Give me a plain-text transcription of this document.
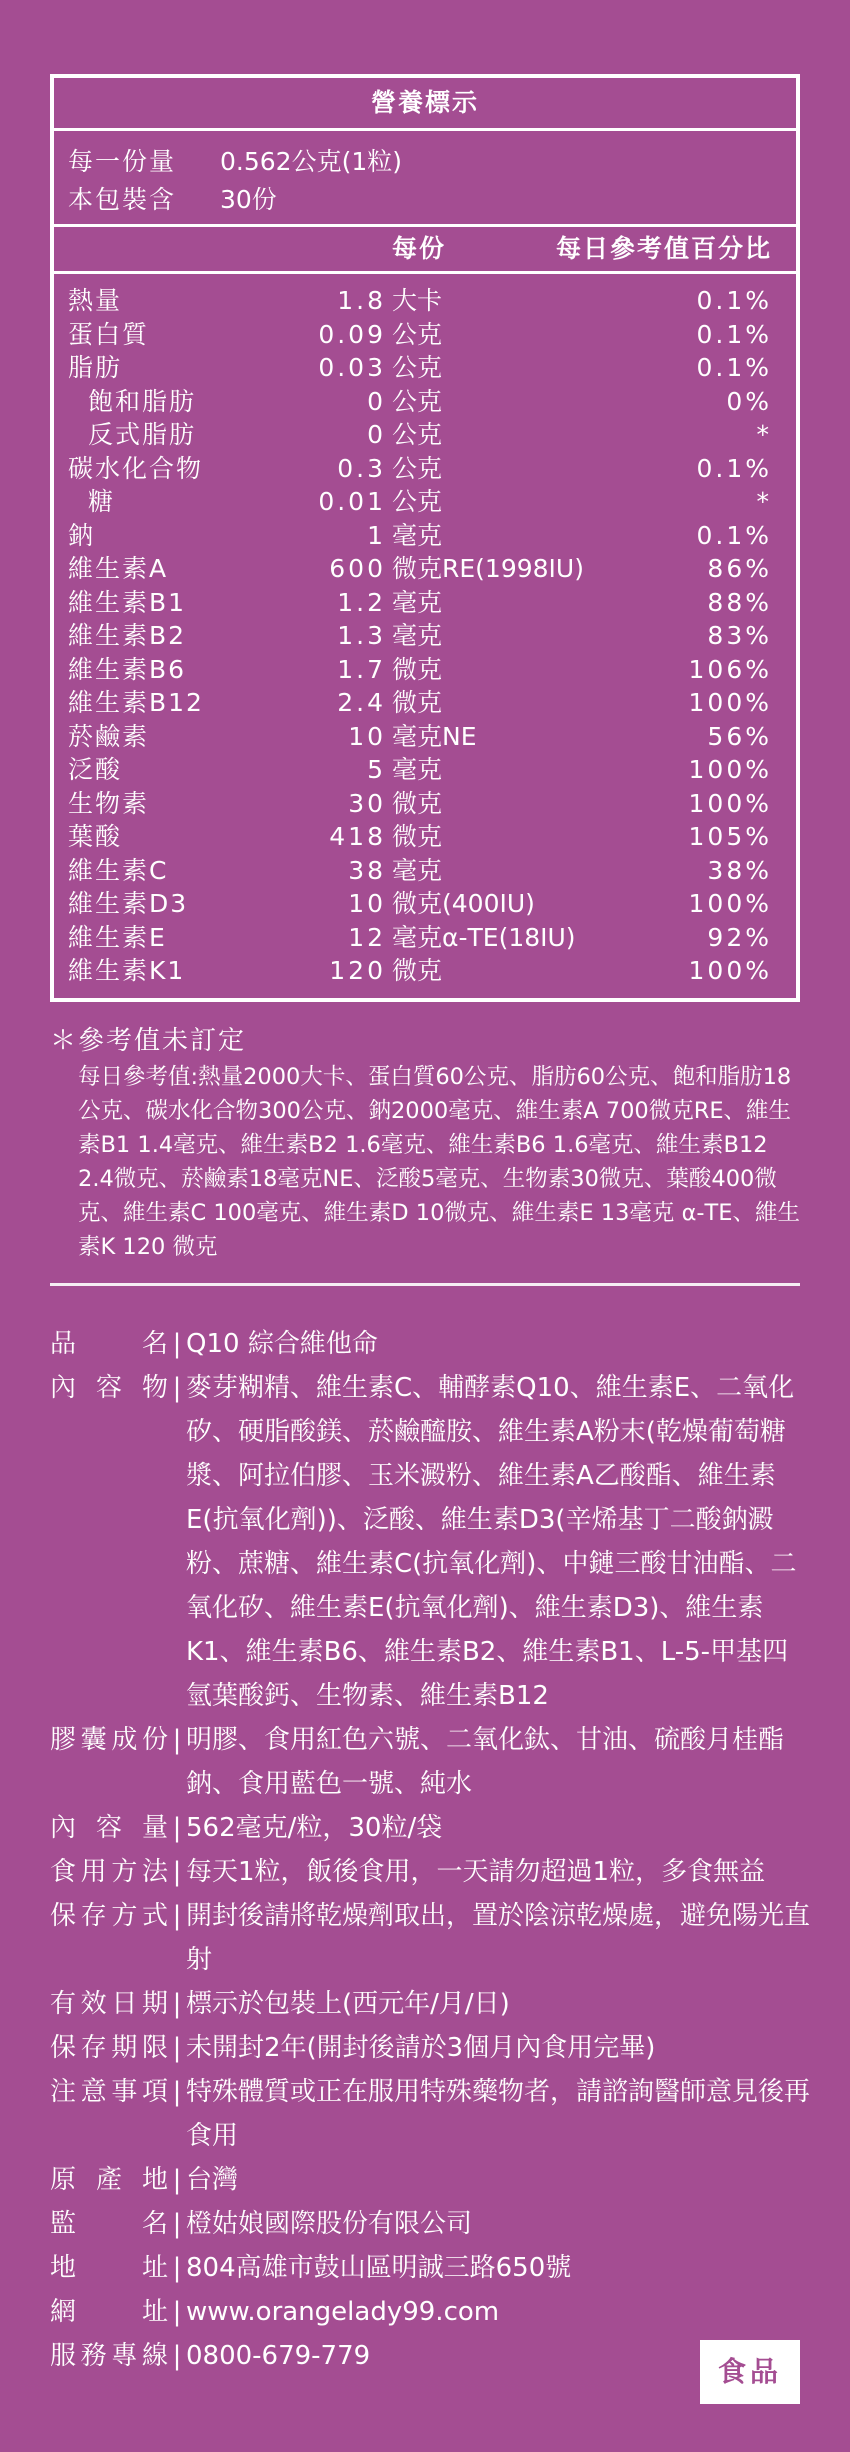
營養標示
每一份量	0.562公克(1粒)
本包裝含	30份
每份	每日參考值百分比
熱量	1.8 大卡	0.1%
蛋白質	0.09 公克	0.1%
脂肪	0.03 公克	0.1%
飽和脂肪	0 公克	0%
反式脂肪	0 公克	*
碳水化合物	0.3 公克	0.1%
糖	0.01 公克	*
鈉	1 毫克	0.1%
維生素A	600 微克RE(1998IU)	86%
維生素B1	1.2 毫克	88%
維生素B2	1.3 毫克	83%
維生素B6	1.7 微克	106%
維生素B12	2.4 微克	100%
菸鹼素	10 毫克NE	56%
泛酸	5 毫克	100%
生物素	30 微克	100%
葉酸	418 微克	105%
維生素C	38 毫克	38%
維生素D3	10 微克(400IU)	100%
維生素E	12 毫克α-TE(18IU)	92%
維生素K1	120 微克	100%
＊參考值未訂定
每日參考值:熱量2000大卡、蛋白質60公克、脂肪60公克、飽和脂肪18公克、碳水化合物300公克、鈉2000毫克、維生素A 700微克RE、維生素B1 1.4毫克、維生素B2 1.6毫克、維生素B6 1.6毫克、維生素B12 2.4微克、菸鹼素18毫克NE、泛酸5毫克、生物素30微克、葉酸400微克、維生素C 100毫克、維生素D 10微克、維生素E 13毫克 α-TE、維生素K 120 微克
品名 | Q10 綜合維他命
內容物 | 麥芽糊精、維生素C、輔酵素Q10、維生素E、二氧化矽、硬脂酸鎂、菸鹼醯胺、維生素A粉末(乾燥葡萄糖漿、阿拉伯膠、玉米澱粉、維生素A乙酸酯、維生素E(抗氧化劑))、泛酸、維生素D3(辛烯基丁二酸鈉澱粉、蔗糖、維生素C(抗氧化劑)、中鏈三酸甘油酯、二氧化矽、維生素E(抗氧化劑)、維生素D3)、維生素K1、維生素B6、維生素B2、維生素B1、L-5-甲基四氫葉酸鈣、生物素、維生素B12
膠囊成份 | 明膠、食用紅色六號、二氧化鈦、甘油、硫酸月桂酯鈉、食用藍色一號、純水
內容量 | 562毫克/粒，30粒/袋
食用方法 | 每天1粒，飯後食用，一天請勿超過1粒，多食無益
保存方式 | 開封後請將乾燥劑取出，置於陰涼乾燥處，避免陽光直射
有效日期 | 標示於包裝上(西元年/月/日)
保存期限 | 未開封2年(開封後請於3個月內食用完畢)
注意事項 | 特殊體質或正在服用特殊藥物者，請諮詢醫師意見後再食用
原產地 | 台灣
監名 | 橙姑娘國際股份有限公司
地址 | 804高雄市鼓山區明誠三路650號
網址 | www.orangelady99.com
服務專線 | 0800-679-779	食品
